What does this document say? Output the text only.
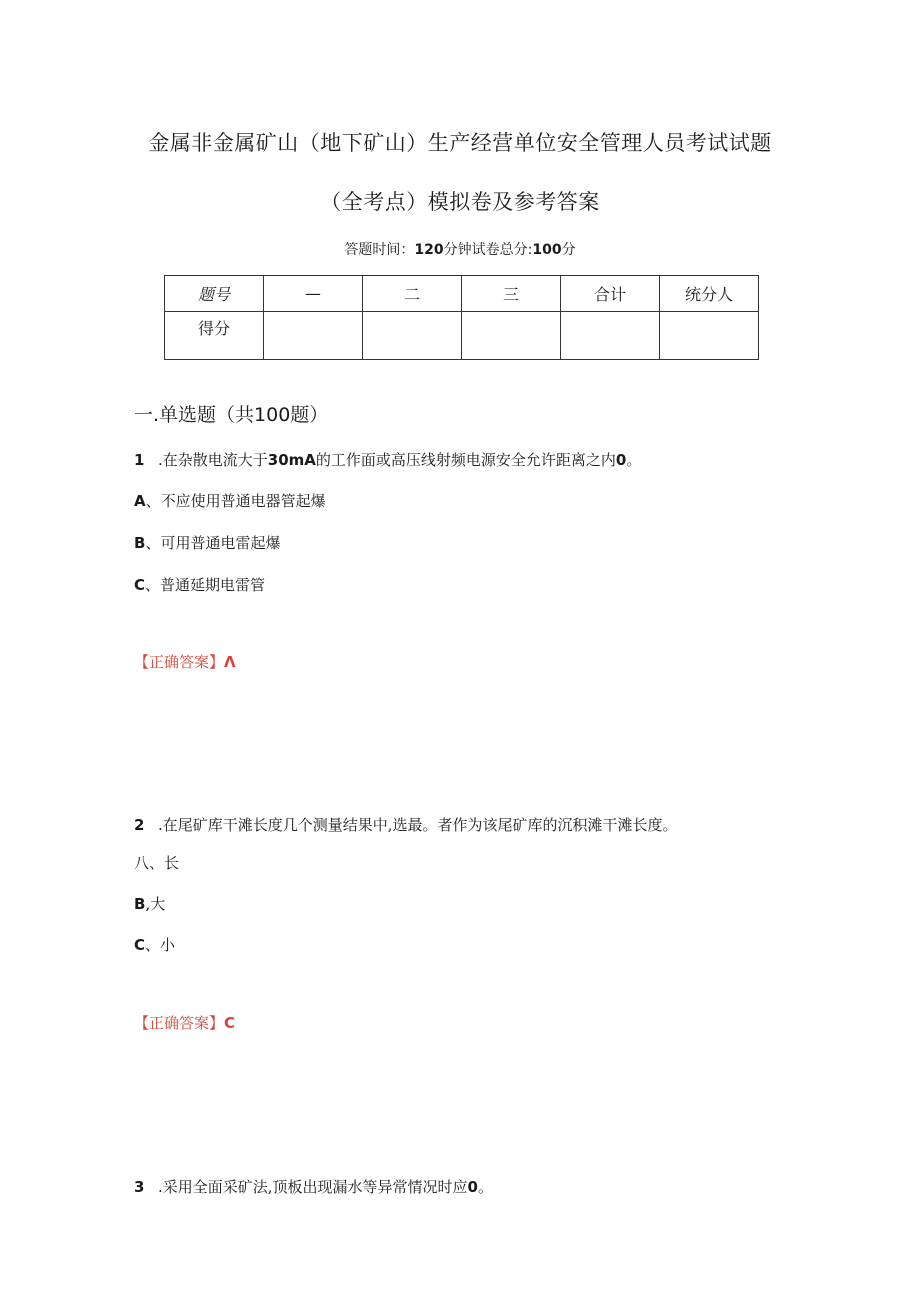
金属非金属矿山（地下矿山）生产经营单位安全管理人员考试试题
（全考点）模拟卷及参考答案
答题时间：120分钟试卷总分:100分
题号	—	二	三	合计	统分人
得分					
一.单选题（共100题）
1 .在杂散电流大于30mA的工作面或高压线射频电源安全允许距离之内0。
A、不应使用普通电器管起爆
B、可用普通电雷起爆
C、普通延期电雷管
【正确答案】Λ
2 .在尾矿库干滩长度几个测量结果中,选最。者作为该尾矿库的沉积滩干滩长度。
八、长
B,大
C、小
【正确答案】C
3 .采用全面采矿法,顶板出现漏水等异常情况时应0。
